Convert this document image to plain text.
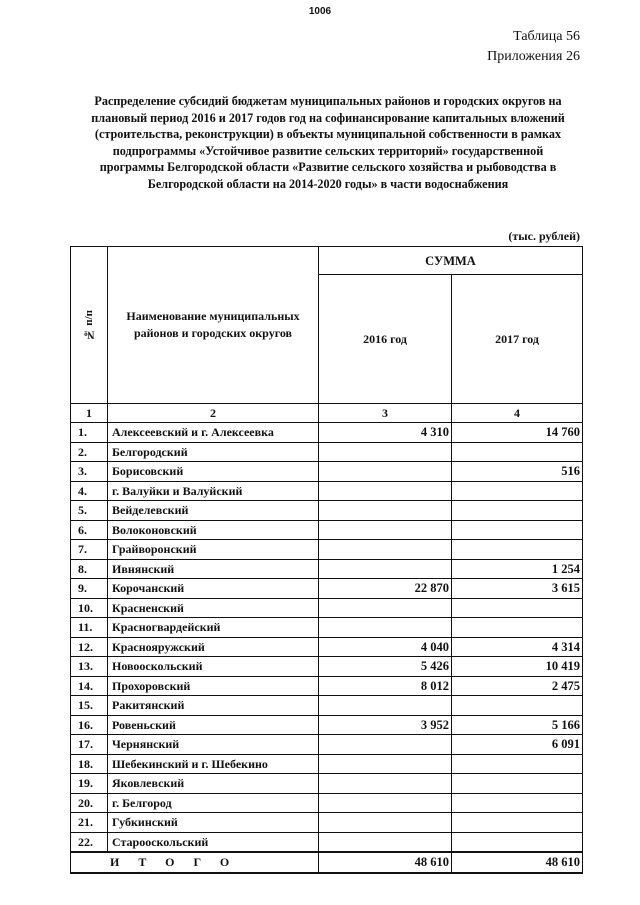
1006
Таблица 56
Приложения 26
Распределение субсидий бюджетам муниципальных районов и городских округов на
плановый период 2016 и 2017 годов год на софинансирование капитальных вложений
(строительства, реконструкции) в объекты муниципальной собственности в рамках
подпрограммы «Устойчивое развитие сельских территорий» государственной
программы Белгородской области «Развитие сельского хозяйства и рыбоводства в
Белгородской области на 2014-2020 годы» в части водоснабжения
(тыс. рублей)
№ п/п	Наименование муниципальных
районов и городских округов	СУММА	
		2016 год	2017 год
1	2	3	4
1.	Алексеевский и г. Алексеевка	4 310	14 760
2.	Белгородский		
3.	Борисовский		516
4.	г. Валуйки и Валуйский		
5.	Вейделевский		
6.	Волоконовский		
7.	Грайворонский		
8.	Ивнянский		1 254
9.	Корочанский	22 870	3 615
10.	Красненский		
11.	Красногвардейский		
12.	Краснояружский	4 040	4 314
13.	Новооскольский	5 426	10 419
14.	Прохоровский	8 012	2 475
15.	Ракитянский		
16.	Ровеньский	3 952	5 166
17.	Чернянский		6 091
18.	Шебекинский и г. Шебекино		
19.	Яковлевский		
20.	г. Белгород		
21.	Губкинский		
22.	Старооскольский		
ИТОГО		48 610	48 610
